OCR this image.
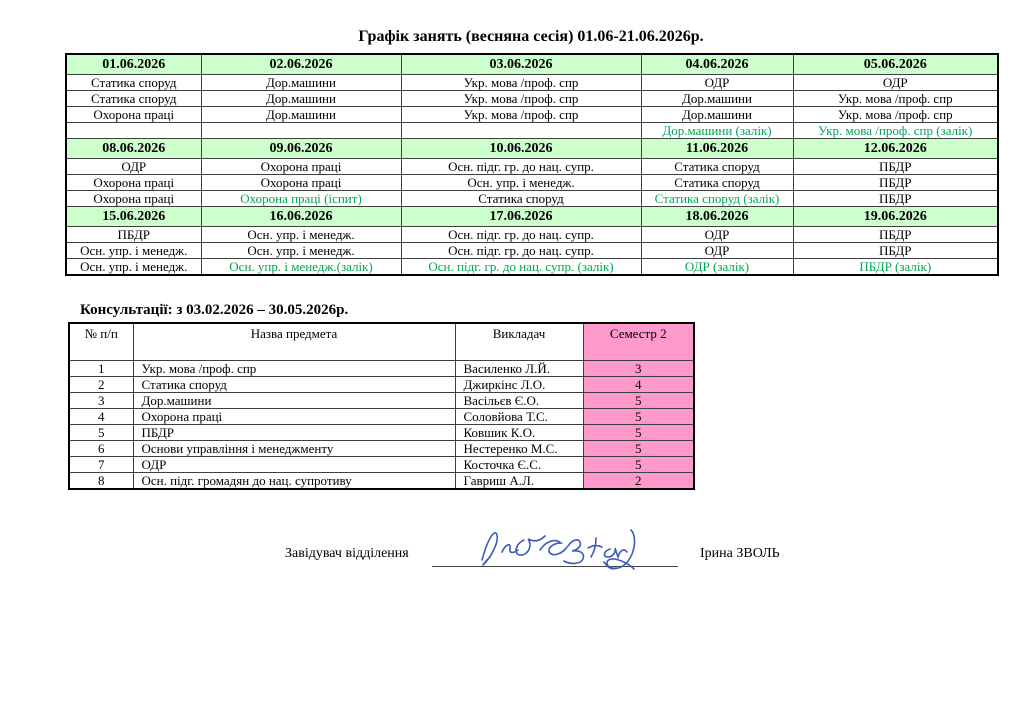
Графік занять (весняна сесія) 01.06-21.06.2026р.
01.06.2026	02.06.2026	03.06.2026	04.06.2026	05.06.2026
Статика споруд	Дор.машини	Укр. мова /проф. спр	ОДР	ОДР
Статика споруд	Дор.машини	Укр. мова /проф. спр	Дор.машини	Укр. мова /проф. спр
Охорона праці	Дор.машини	Укр. мова /проф. спр	Дор.машини	Укр. мова /проф. спр
			Дор.машини (залік)	Укр. мова /проф. спр (залік)
08.06.2026	09.06.2026	10.06.2026	11.06.2026	12.06.2026
ОДР	Охорона праці	Осн. підг. гр. до нац. супр.	Статика споруд	ПБДР
Охорона праці	Охорона праці	Осн. упр. і менедж.	Статика споруд	ПБДР
Охорона праці	Охорона праці (іспит)	Статика споруд	Статика споруд (залік)	ПБДР
15.06.2026	16.06.2026	17.06.2026	18.06.2026	19.06.2026
ПБДР	Осн. упр. і менедж.	Осн. підг. гр. до нац. супр.	ОДР	ПБДР
Осн. упр. і менедж.	Осн. упр. і менедж.	Осн. підг. гр. до нац. супр.	ОДР	ПБДР
Осн. упр. і менедж.	Осн. упр. і менедж.(залік)	Осн. підг. гр. до нац. супр. (залік)	ОДР (залік)	ПБДР (залік)
Консультації: з 03.02.2026 – 30.05.2026р.
№ п/п	Назва предмета	Викладач	Семестр 2
1	Укр. мова /проф. спр	Василенко Л.Й.	3
2	Статика споруд	Джиркінс Л.О.	4
3	Дор.машини	Васільєв Є.О.	5
4	Охорона праці	Соловйова Т.С.	5
5	ПБДР	Ковшик К.О.	5
6	Основи управління і менеджменту	Нестеренко М.С.	5
7	ОДР	Косточка Є.С.	5
8	Осн. підг. громадян до нац. супротиву	Гавриш А.Л.	2
Завідувач відділення	Ірина ЗВОЛЬ
